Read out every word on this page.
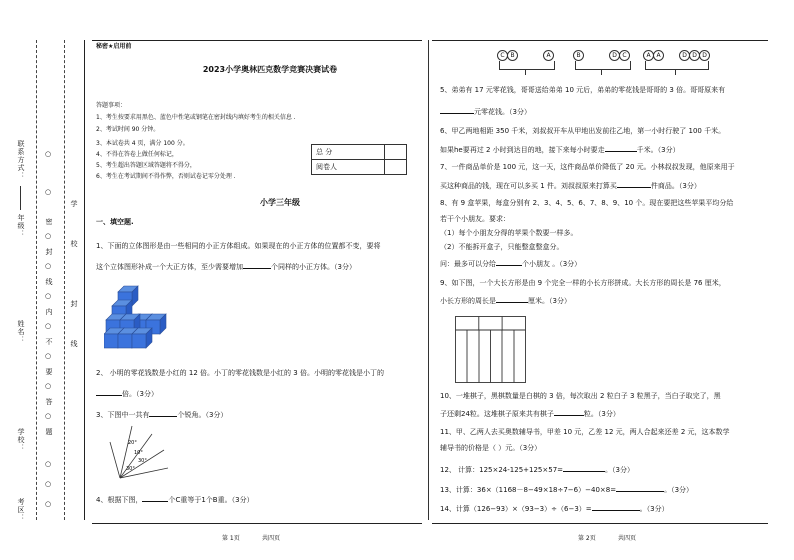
联系方式：
年级：
姓名：
学校：
考区：
○
○
密
○
封
○
线
○
内
○
不
○
要
○
答
○
题
○
○
○
学
校
封
线
秘密★启用前
2023小学奥林匹克数学竞赛决赛试卷
答题事项：
1、考生按要求用黑色、蓝色中性笔或钢笔在密封线内填好考生的相关信息 .
2、考试时间 90 分钟。
3、本试卷共 4 页，满分 100 分。
4、不得在答卷上做任何标记，
5、考生超出答题区域答题将不得分，
6、考生在考试期间不得作弊，否则试卷记零分处理 .
总 分	
阅卷人	
小学三年级
一、填空题.
1、下面的立体图形是由一些相同的小正方体组成。如果现在的小正方体的位置都不变，要将
这个立体图形补成一个大正方体，至少需要增加	个同样的小正方体。（3分）
2、 小明的零花钱数是小红的 12 倍。小丁的零花钱数是小红的 3 倍。小明的零花钱是小丁的
倍。（3分）
3、下图中一共有	个锐角。（3分）
20°
10°
30°
30°
4、根据下图，	个C重等于1个B重。（3分）
第 1页	共四页
C B	A	B	D C	A A	D D D
5、弟弟有 17 元零花钱，哥哥送给弟弟 10 元后，弟弟的零花钱是哥哥的 3 倍。哥哥原来有
元零花钱。（3分）
6、甲乙两地相距 350 千米，刘叔叔开车从甲地出发前往乙地，第一小时行驶了 100 千米。
如果he要再过 2 小时到达目的地，接下来每小时要走	千米。（3分）
7、一件商品单价是 100 元，这一天，这件商品单价降低了 20 元。小林叔叔发现，他原来用于
买这种商品的钱，现在可以多买 1 件。刘叔叔原来打算买	件商品。（3分）
8、有 9 盒苹果，每盒分别有 2、3、4、5、6、7、8、9、10 个。现在要把这些苹果平均分给
若干个小朋友。要求：
（1）每个小朋友分得的苹果个数要一样多。
（2）不能拆开盒子，只能整盒整盒分。
问：最多可以分给	个小朋友 。（3分）
9、如下图，一个大长方形是由 9 个完全一样的小长方形拼成。大长方形的周长是 76 厘米，
小长方形的周长是	厘米。（3分）
10、一堆棋子，黑棋数量是白棋的 3 倍，每次取出 2 粒白子 3 粒黑子，当白子取完了，黑
子还剩24粒。这堆棋子原来共有棋子	粒。（3分）
11、甲、乙两人去买奥数辅导书，甲差 10 元，乙差 12 元，两人合起来还差 2 元，这本数学
辅导书的价格是（ ）元。（3分）
12、 计算：125×24-125+125×57=	。（3分）
13、计算：36×（1168－8−49×18÷7−6）−40×8=	。（3分）
14、计算（126−93）×（93−3）÷（6−3）=	。（3分）
第 2页	共四页
